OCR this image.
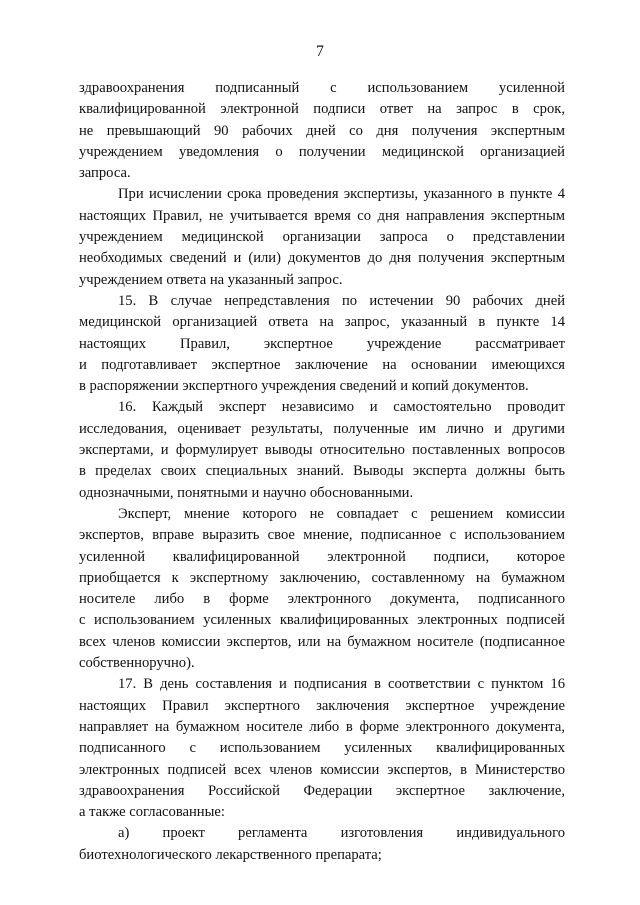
7
здравоохранения подписанный с использованием усиленной
квалифицированной электронной подписи ответ на запрос в срок,
не превышающий 90 рабочих дней со дня получения экспертным
учреждением уведомления о получении медицинской организацией
запроса.
При исчислении срока проведения экспертизы, указанного в пункте 4
настоящих Правил, не учитывается время со дня направления экспертным
учреждением медицинской организации запроса о представлении
необходимых сведений и (или) документов до дня получения экспертным
учреждением ответа на указанный запрос.
15. В случае непредставления по истечении 90 рабочих дней
медицинской организацией ответа на запрос, указанный в пункте 14
настоящих Правил, экспертное учреждение рассматривает
и подготавливает экспертное заключение на основании имеющихся
в распоряжении экспертного учреждения сведений и копий документов.
16. Каждый эксперт независимо и самостоятельно проводит
исследования, оценивает результаты, полученные им лично и другими
экспертами, и формулирует выводы относительно поставленных вопросов
в пределах своих специальных знаний. Выводы эксперта должны быть
однозначными, понятными и научно обоснованными.
Эксперт, мнение которого не совпадает с решением комиссии
экспертов, вправе выразить свое мнение, подписанное с использованием
усиленной квалифицированной электронной подписи, которое
приобщается к экспертному заключению, составленному на бумажном
носителе либо в форме электронного документа, подписанного
с использованием усиленных квалифицированных электронных подписей
всех членов комиссии экспертов, или на бумажном носителе (подписанное
собственноручно).
17. В день составления и подписания в соответствии с пунктом 16
настоящих Правил экспертного заключения экспертное учреждение
направляет на бумажном носителе либо в форме электронного документа,
подписанного с использованием усиленных квалифицированных
электронных подписей всех членов комиссии экспертов, в Министерство
здравоохранения Российской Федерации экспертное заключение,
а также согласованные:
а) проект регламента изготовления индивидуального
биотехнологического лекарственного препарата;
